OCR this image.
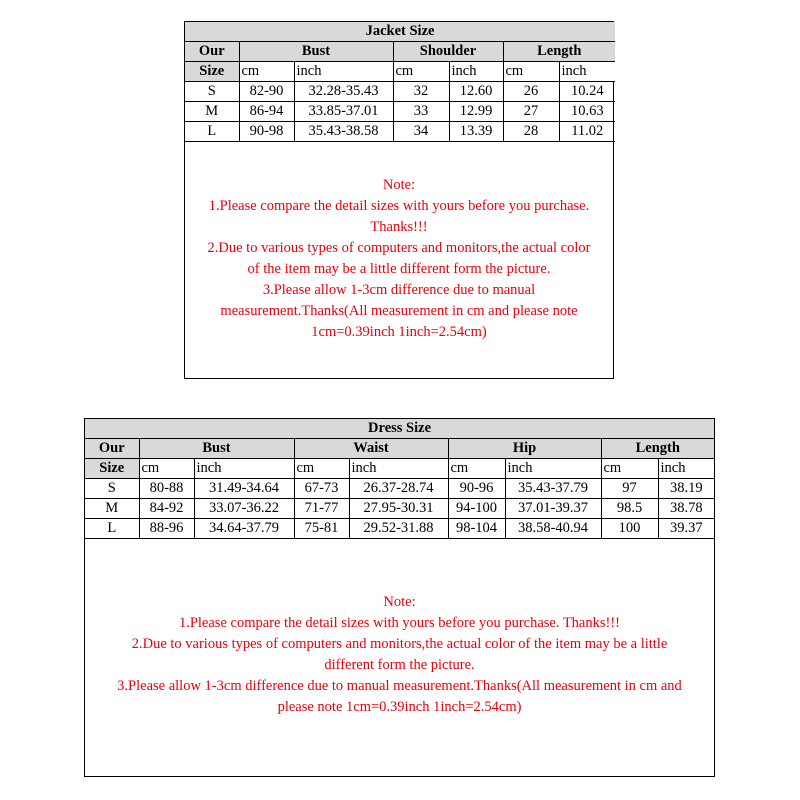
Jacket Size						
Our	Bust		Shoulder		Length	
Size	cm	inch	cm	inch	cm	inch
S	82-90	32.28-35.43	32	12.60	26	10.24
M	86-94	33.85-37.01	33	12.99	27	10.63
L	90-98	35.43-38.58	34	13.39	28	11.02

Note:

1.Please compare the detail sizes with yours before you purchase.

Thanks!!!

2.Due to various types of computers and monitors,the actual color

of the item may be a little different form the picture.

3.Please allow 1-3cm difference due to manual

measurement.Thanks(All measurement in cm and please note

1cm=0.39inch 1inch=2.54cm)

Dress Size								
Our	Bust		Waist		Hip		Length	
Size	cm	inch	cm	inch	cm	inch	cm	inch
S	80-88	31.49-34.64	67-73	26.37-28.74	90-96	35.43-37.79	97	38.19
M	84-92	33.07-36.22	71-77	27.95-30.31	94-100	37.01-39.37	98.5	38.78
L	88-96	34.64-37.79	75-81	29.52-31.88	98-104	38.58-40.94	100	39.37

Note:

1.Please compare the detail sizes with yours before you purchase. Thanks!!!

2.Due to various types of computers and monitors,the actual color of the item may be a little

different form the picture.

3.Please allow 1-3cm difference due to manual measurement.Thanks(All measurement in cm and

please note 1cm=0.39inch 1inch=2.54cm)
